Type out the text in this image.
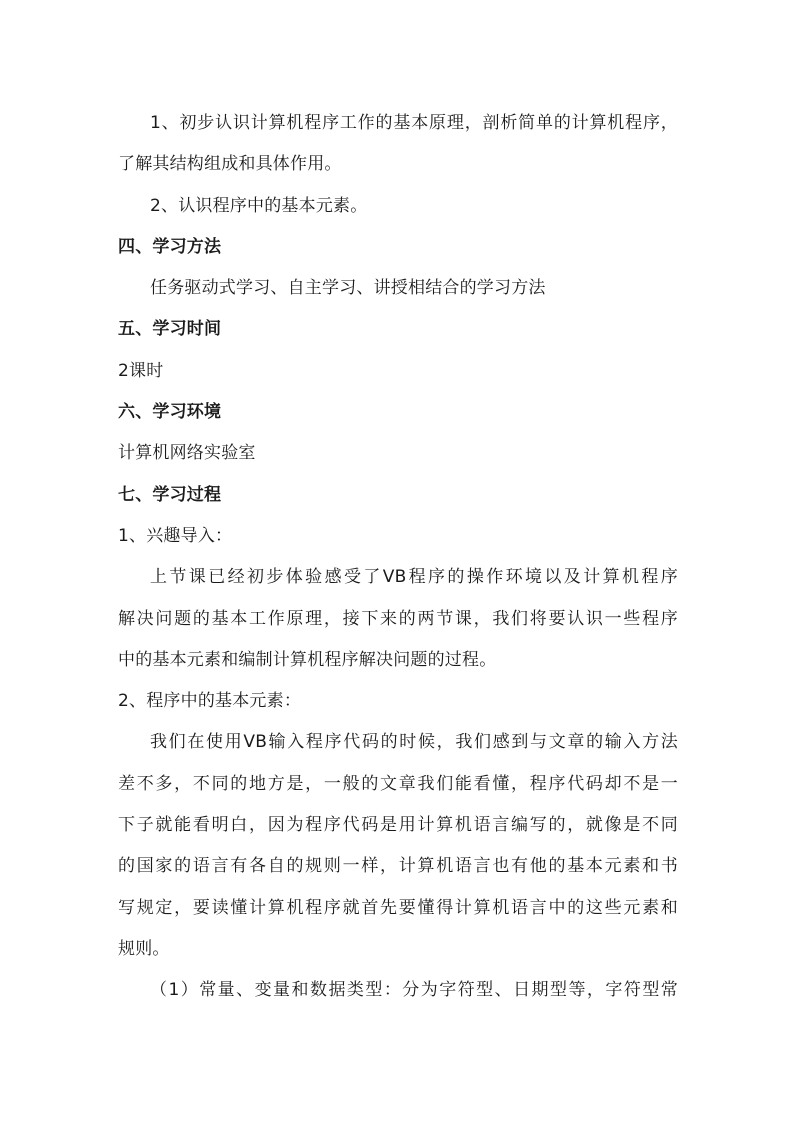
1、初步认识计算机程序工作的基本原理，剖析简单的计算机程序，
了解其结构组成和具体作用。
2、认识程序中的基本元素。
四、学习方法
任务驱动式学习、自主学习、讲授相结合的学习方法
五、学习时间
2课时
六、学习环境
计算机网络实验室
七、学习过程
1、兴趣导入：
上节课已经初步体验感受了VB程序的操作环境以及计算机程序
解决问题的基本工作原理，接下来的两节课，我们将要认识一些程序
中的基本元素和编制计算机程序解决问题的过程。
2、程序中的基本元素：
我们在使用VB输入程序代码的时候，我们感到与文章的输入方法
差不多，不同的地方是，一般的文章我们能看懂，程序代码却不是一
下子就能看明白，因为程序代码是用计算机语言编写的，就像是不同
的国家的语言有各自的规则一样，计算机语言也有他的基本元素和书
写规定，要读懂计算机程序就首先要懂得计算机语言中的这些元素和
规则。
（1）常量、变量和数据类型：分为字符型、日期型等，字符型常
